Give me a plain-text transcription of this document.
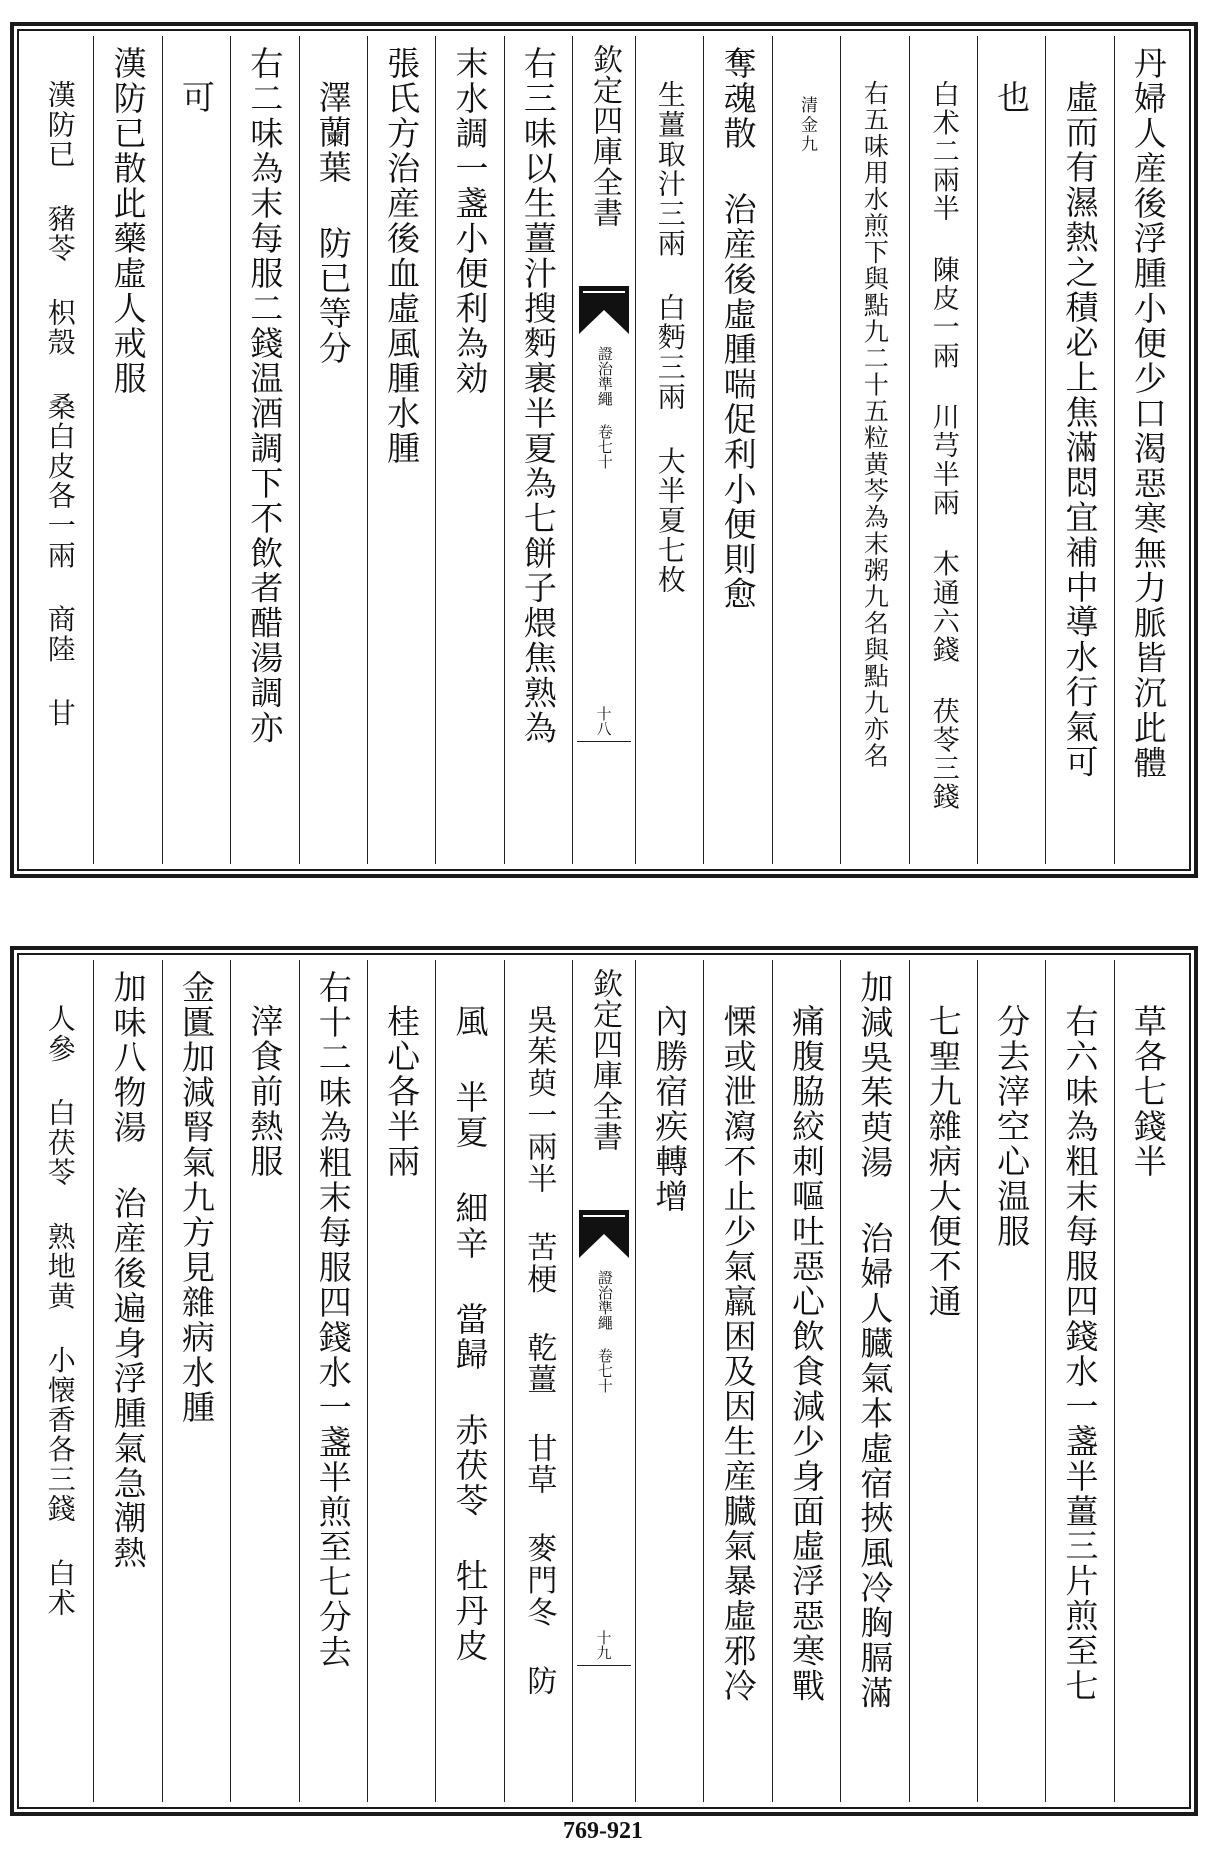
丹婦人産後浮腫小便少口渴惡寒無力脈皆沉此體
虛而有濕熱之積必上焦滿悶宜補中導水行氣可
也
白术二兩半 陳皮一兩 川芎半兩 木通六錢 茯苓三錢
右五味用水煎下與點九二十五粒黄芩為末粥九名與點九亦名
清金九
奪魂散 治産後虛腫喘促利小便則愈
生薑取汁三兩 白麪三兩 大半夏七枚
欽定四庫全書
證治準繩 卷七十
十八
右三味以生薑汁搜麪裹半夏為七餅子煨焦熟為
末水調一盞小便利為効
張氏方治産後血虛風腫水腫
澤蘭葉 防已等分
右二味為末每服二錢温酒調下不飲者醋湯調亦
可
漢防已散此藥虛人戒服
漢防已 豬苓 枳殼 桑白皮各一兩 商陸 甘
草各七錢半
右六味為粗末每服四錢水一盞半薑三片煎至七
分去滓空心温服
七聖九雜病大便不通
加減吳茱萸湯 治婦人臓氣本虛宿挾風冷胸膈滿
痛腹脇絞刺嘔吐惡心飲食減少身面虛浮惡寒戰
慄或泄瀉不止少氣羸困及因生産臓氣暴虛邪冷
內勝宿疾轉增
欽定四庫全書
證治準繩 卷七十
十九
吳茱萸一兩半 苦梗 乾薑 甘草 麥門冬 防
風 半夏 細辛 當歸 赤茯苓 牡丹皮
桂心各半兩
右十二味為粗末每服四錢水一盞半煎至七分去
滓食前熱服
金匱加減腎氣九方見雜病水腫
加味八物湯 治産後遍身浮腫氣急潮熱
人參 白茯苓 熟地黄 小懐香各三錢 白术
769-921
